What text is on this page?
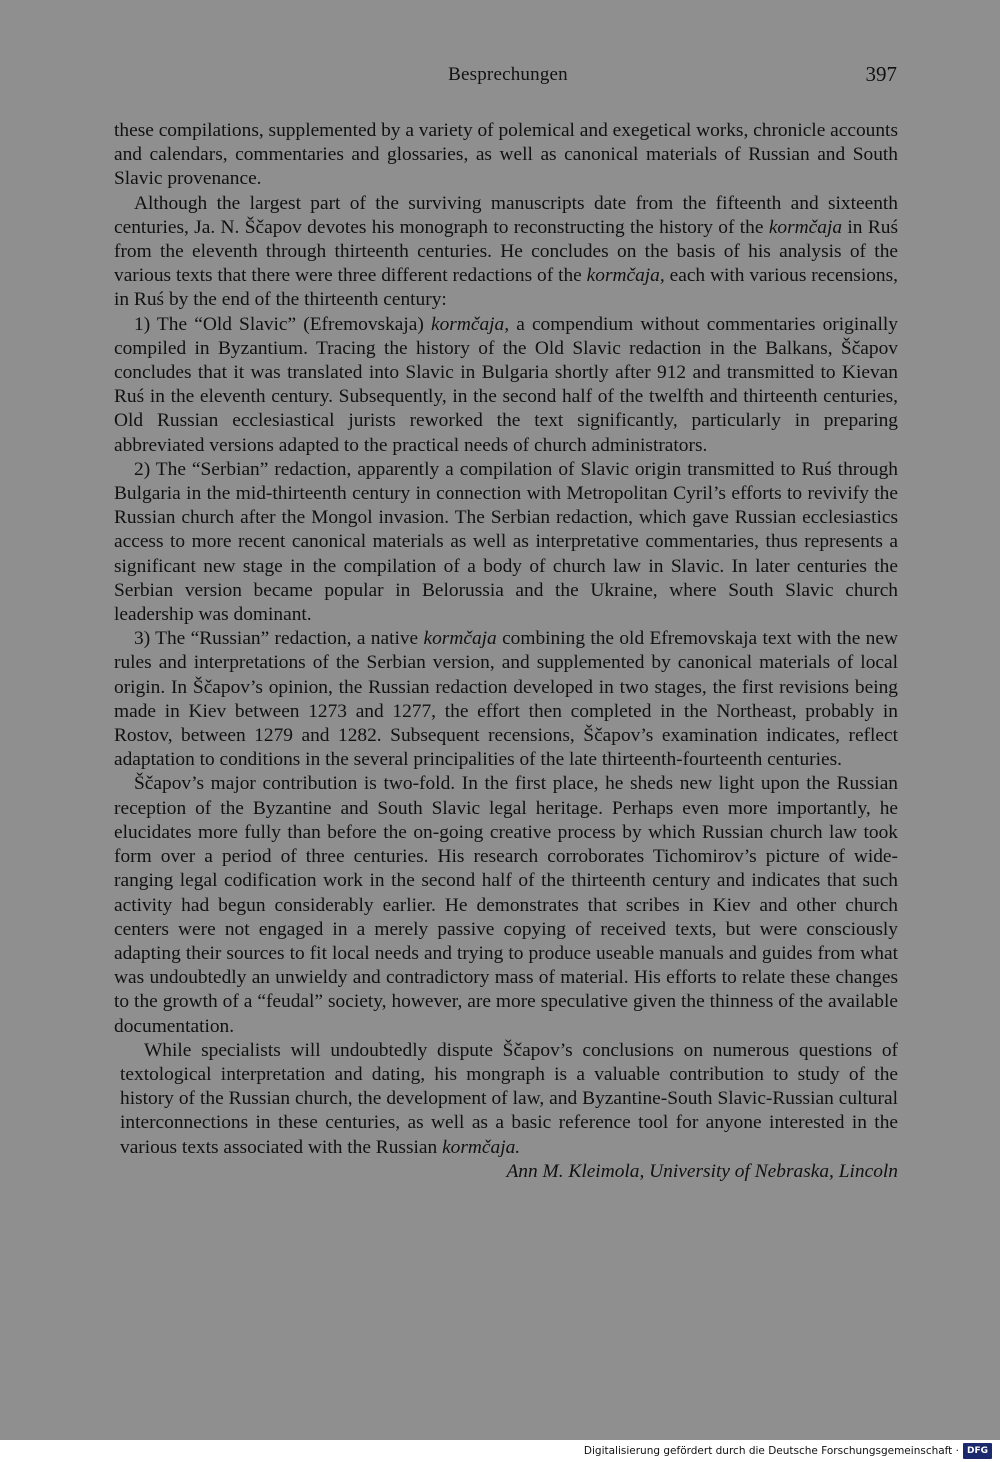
Besprechungen	397

these compilations, supplemented by a variety of polemical and exegetical works, chronicle accounts and calendars, commentaries and glossaries, as well as canonical materials of Russian and South Slavic provenance.

Although the largest part of the surviving manuscripts date from the fifteenth and sixteenth centuries, Ja. N. Ščapov devotes his monograph to reconstructing the history of the kormčaja in Ruś from the eleventh through thirteenth centuries. He concludes on the basis of his analysis of the various texts that there were three different redactions of the kormčaja, each with various recensions, in Ruś by the end of the thirteenth century:

1) The “Old Slavic” (Efremovskaja) kormčaja, a compendium without commentaries originally compiled in Byzantium. Tracing the history of the Old Slavic redaction in the Balkans, Ščapov concludes that it was translated into Slavic in Bulgaria shortly after 912 and transmitted to Kievan Ruś in the eleventh century. Subsequently, in the second half of the twelfth and thirteenth centuries, Old Russian ecclesiastical jurists reworked the text significantly, particularly in preparing abbreviated versions adapted to the practical needs of church administrators.

2) The “Serbian” redaction, apparently a compilation of Slavic origin transmitted to Ruś through Bulgaria in the mid-thirteenth century in connection with Metropolitan Cyril’s efforts to revivify the Russian church after the Mongol invasion. The Serbian redaction, which gave Russian ecclesiastics access to more recent canonical materials as well as interpretative commentaries, thus represents a significant new stage in the compilation of a body of church law in Slavic. In later centuries the Serbian version became popular in Belorussia and the Ukraine, where South Slavic church leadership was dominant.

3) The “Russian” redaction, a native kormčaja combining the old Efremovskaja text with the new rules and interpretations of the Serbian version, and supplemented by canonical materials of local origin. In Ščapov’s opinion, the Russian redaction developed in two stages, the first revisions being made in Kiev between 1273 and 1277, the effort then completed in the Northeast, probably in Rostov, between 1279 and 1282. Subsequent recensions, Ščapov’s examination indicates, reflect adaptation to conditions in the several principalities of the late thirteenth-fourteenth centuries.

Ščapov’s major contribution is two-fold. In the first place, he sheds new light upon the Russian reception of the Byzantine and South Slavic legal heritage. Perhaps even more importantly, he elucidates more fully than before the on-going creative process by which Russian church law took form over a period of three centuries. His research corroborates Tichomirov’s picture of wide-ranging legal codification work in the second half of the thirteenth century and indicates that such activity had begun considerably earlier. He demonstrates that scribes in Kiev and other church centers were not engaged in a merely passive copying of received texts, but were consciously adapting their sources to fit local needs and trying to produce useable manuals and guides from what was undoubtedly an unwieldy and contradictory mass of material. His efforts to relate these changes to the growth of a “feudal” society, however, are more speculative given the thinness of the available documentation.

While specialists will undoubtedly dispute Ščapov’s conclusions on numerous questions of textological interpretation and dating, his mongraph is a valuable contribution to study of the history of the Russian church, the development of law, and Byzantine-South Slavic-Russian cultural interconnections in these centuries, as well as a basic reference tool for anyone interested in the various texts associated with the Russian kormčaja.

Ann M. Kleimola, University of Nebraska, Lincoln

Digitalisierung gefördert durch die Deutsche Forschungsgemeinschaft · DFG
